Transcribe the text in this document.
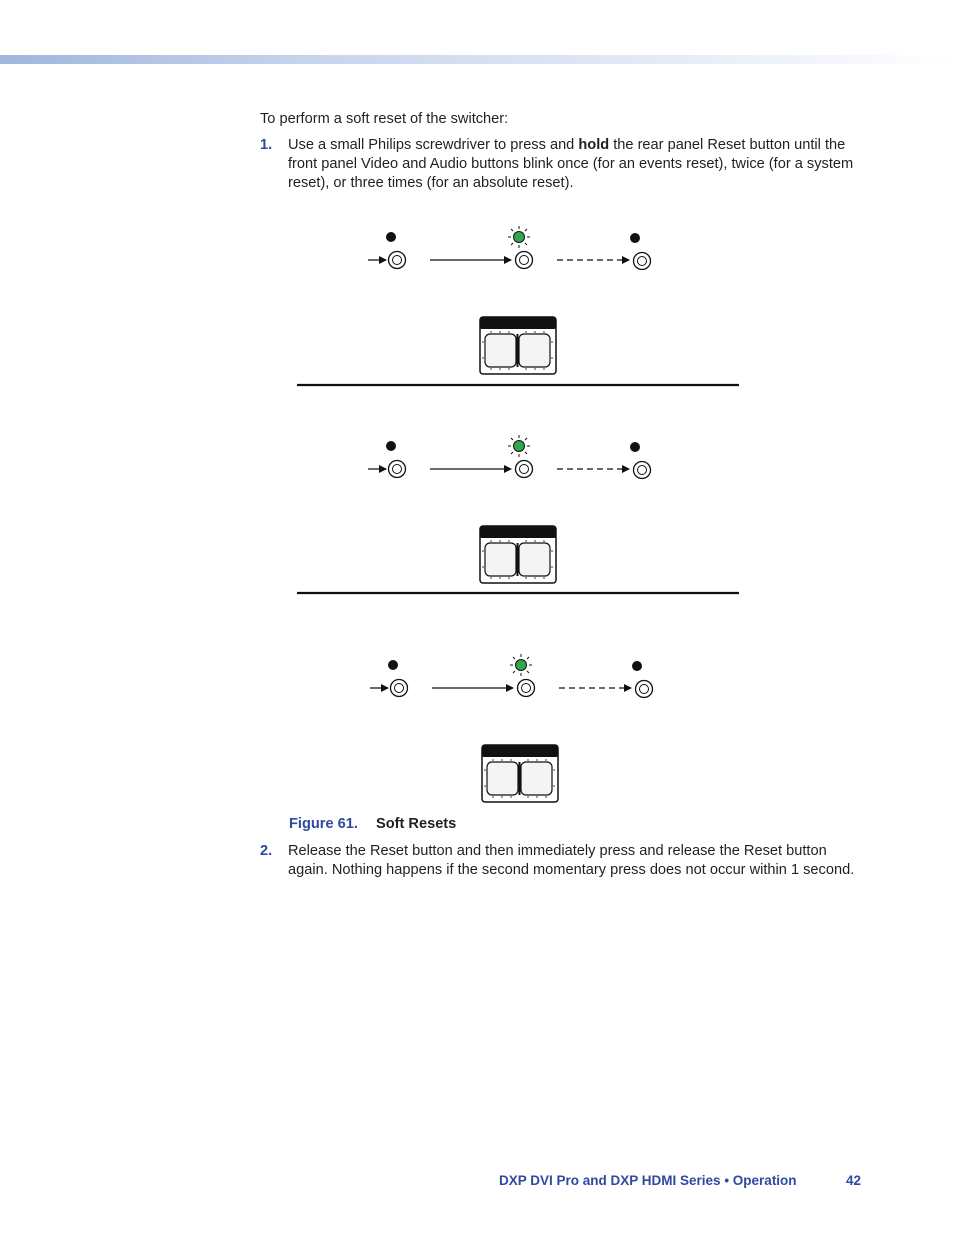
To perform a soft reset of the switcher:
1. Use a small Philips screwdriver to press and hold the rear panel Reset button until the front panel Video and Audio buttons blink once (for an events reset), twice (for a system reset), or three times (for an absolute reset).
Figure 61. Soft Resets
2. Release the Reset button and then immediately press and release the Reset button again. Nothing happens if the second momentary press does not occur within 1 second.
DXP DVI Pro and DXP HDMI Series • Operation	42
